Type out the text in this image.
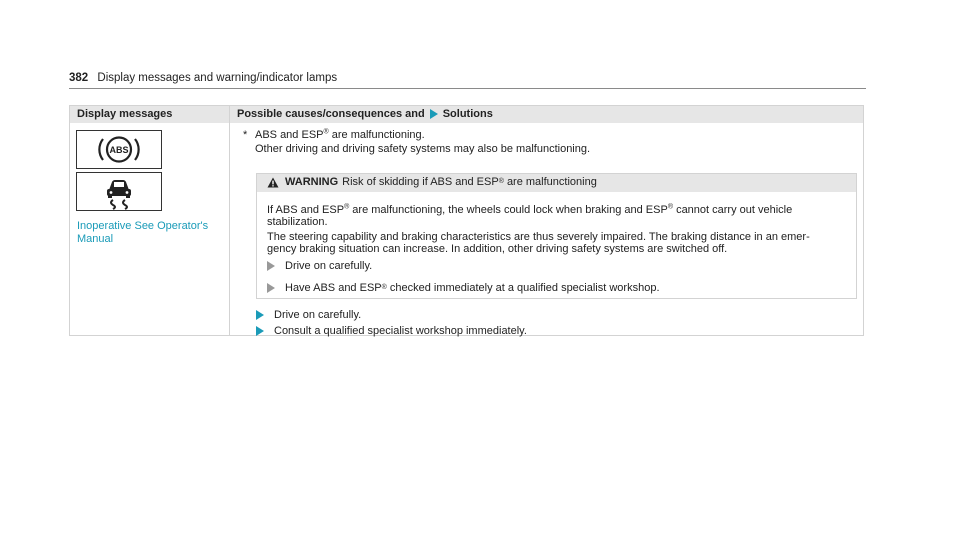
382 Display messages and warning/indicator lamps
Display messages	Possible causes/consequences and Solutions
ABS
Inoperative See Operator's Manual
* ABS and ESP® are malfunctioning.
Other driving and driving safety systems may also be malfunctioning.
WARNING Risk of skidding if ABS and ESP ®
are malfunctioning
If ABS and ESP® are malfunctioning, the wheels could lock when braking and ESP® cannot carry out vehicle
stabilization.
The steering capability and braking characteristics are thus severely impaired. The braking distance in an emer-
gency braking situation can increase. In addition, other driving safety systems are switched off.
Drive on carefully.
Have ABS and ESP ®
checked immediately at a qualified specialist workshop.
Drive on carefully.
Consult a qualified specialist workshop immediately.
